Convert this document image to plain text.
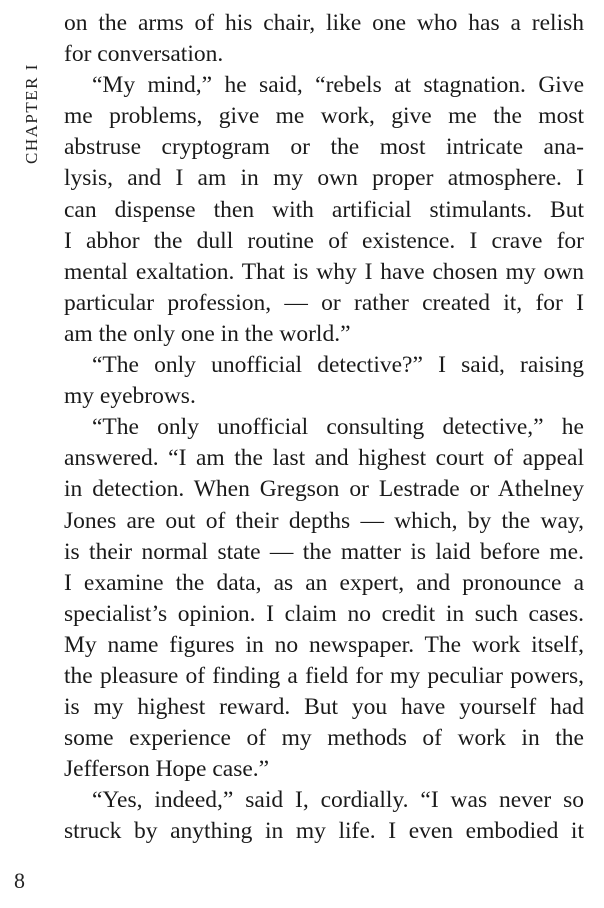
CHAPTER I
on the arms of his chair, like one who has a relish
for conversation.
“My mind,” he said, “rebels at stagnation. Give
me problems, give me work, give me the most
abstruse cryptogram or the most intricate ana-
lysis, and I am in my own proper atmosphere. I
can dispense then with artificial stimulants. But
I abhor the dull routine of existence. I crave for
mental exaltation. That is why I have chosen my own
particular profession, — or rather created it, for I
am the only one in the world.”
“The only unofficial detective?” I said, raising
my eyebrows.
“The only unofficial consulting detective,” he
answered. “I am the last and highest court of appeal
in detection. When Gregson or Lestrade or Athelney
Jones are out of their depths — which, by the way,
is their normal state — the matter is laid before me.
I examine the data, as an expert, and pronounce a
specialist’s opinion. I claim no credit in such cases.
My name figures in no newspaper. The work itself,
the pleasure of finding a field for my peculiar powers,
is my highest reward. But you have yourself had
some experience of my methods of work in the
Jefferson Hope case.”
“Yes, indeed,” said I, cordially. “I was never so
struck by anything in my life. I even embodied it
8
